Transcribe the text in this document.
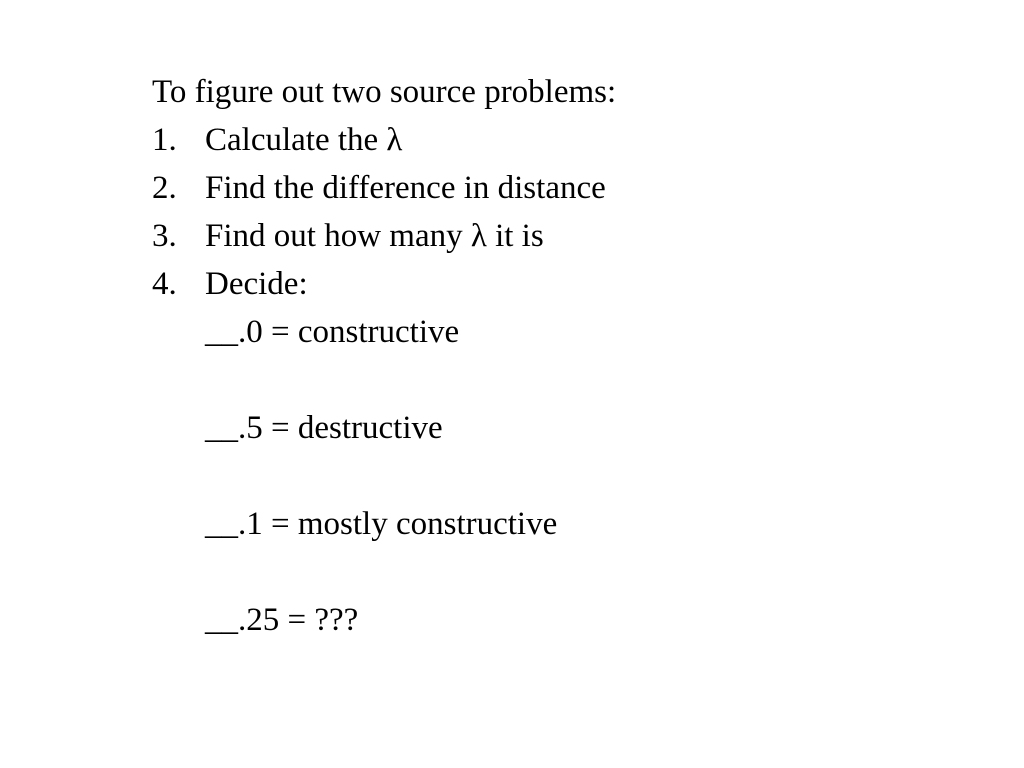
To figure out two source problems:
1. Calculate the λ
2. Find the difference in distance
3. Find out how many λ it is
4. Decide:
__.0 = constructive
__.5 = destructive
__.1 = mostly constructive
__.25 = ???
